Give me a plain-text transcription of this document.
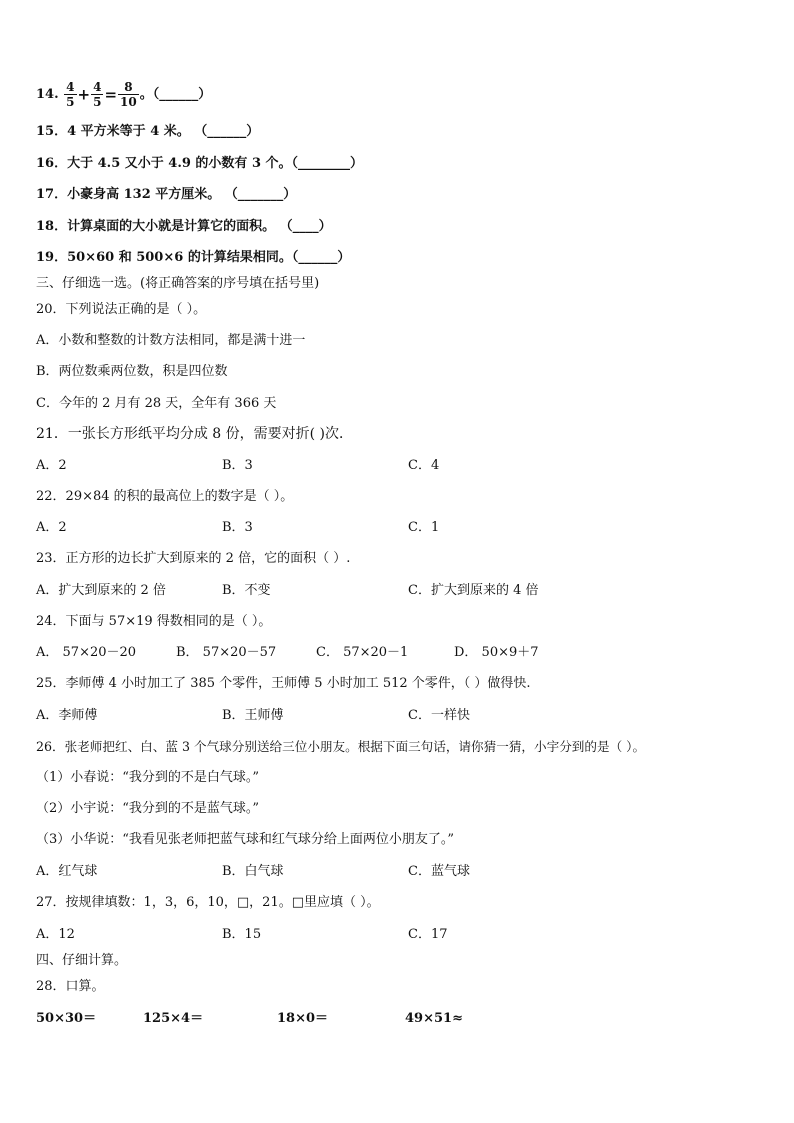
14. $\frac{4}{5} + \frac{4}{5} = \frac{8}{10}$ 。（______）
15．4 平方米等于 4 米。 （______）
16．大于 4.5 又小于 4.9 的小数有 3 个。（________）
17．小豪身高 132 平方厘米。 （_______）
18．计算桌面的大小就是计算它的面积。 （____）
19．50×60 和 500×6 的计算结果相同。（______）
三、仔细选一选。(将正确答案的序号填在括号里)
20．下列说法正确的是（ ）。
A．小数和整数的计数方法相同，都是满十进一
B．两位数乘两位数，积是四位数
C．今年的 2 月有 28 天，全年有 366 天
21．一张长方形纸平均分成 8 份，需要对折( )次．
A．2	B．3	C．4
22．29×84 的积的最高位上的数字是（ ）。
A．2	B．3	C．1
23．正方形的边长扩大到原来的 2 倍，它的面积（ ）.
A．扩大到原来的 2 倍	B．不变	C．扩大到原来的 4 倍
24．下面与 57×19 得数相同的是（ ）。
A． 57×20－20	B． 57×20－57	C． 57×20－1	D． 50×9＋7
25．李师傅 4 小时加工了 385 个零件，王师傅 5 小时加工 512 个零件，（ ）做得快.
A．李师傅	B．王师傅	C．一样快
26．张老师把红、白、蓝 3 个气球分别送给三位小朋友。根据下面三句话，请你猜一猜，小宇分到的是（ ）。
（1）小春说：“我分到的不是白气球。”
（2）小宇说：“我分到的不是蓝气球。”
（3）小华说：“我看见张老师把蓝气球和红气球分给上面两位小朋友了。”
A．红气球	B．白气球	C．蓝气球
27．按规律填数：1，3，6，10，□，21。□里应填（ ）。
A．12	B．15	C．17
四、仔细计算。
28．口算。
50×30＝	125×4＝	18×0＝	49×51≈
